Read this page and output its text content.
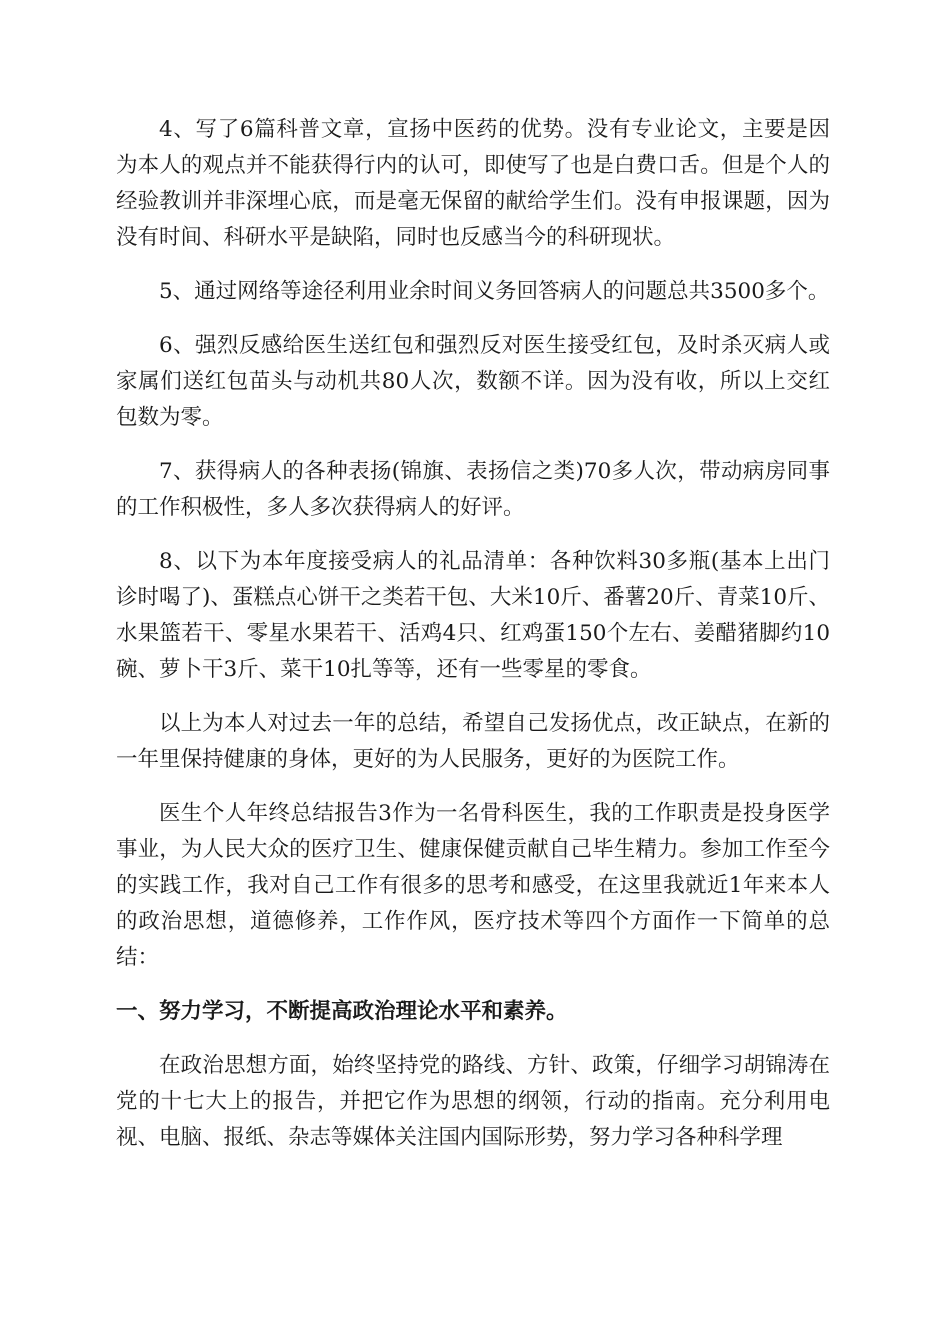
4、写了6篇科普文章，宣扬中医药的优势。没有专业论文，主要是因为本人的观点并不能获得行内的认可，即使写了也是白费口舌。但是个人的经验教训并非深埋心底，而是毫无保留的献给学生们。没有申报课题，因为没有时间、科研水平是缺陷，同时也反感当今的科研现状。

5、通过网络等途径利用业余时间义务回答病人的问题总共3500多个。

6、强烈反感给医生送红包和强烈反对医生接受红包，及时杀灭病人或家属们送红包苗头与动机共80人次，数额不详。因为没有收，所以上交红包数为零。

7、获得病人的各种表扬(锦旗、表扬信之类)70多人次，带动病房同事的工作积极性，多人多次获得病人的好评。

8、以下为本年度接受病人的礼品清单：各种饮料30多瓶(基本上出门诊时喝了)、蛋糕点心饼干之类若干包、大米10斤、番薯20斤、青菜10斤、水果篮若干、零星水果若干、活鸡4只、红鸡蛋150个左右、姜醋猪脚约10碗、萝卜干3斤、菜干10扎等等，还有一些零星的零食。

以上为本人对过去一年的总结，希望自己发扬优点，改正缺点，在新的一年里保持健康的身体，更好的为人民服务，更好的为医院工作。

医生个人年终总结报告3作为一名骨科医生，我的工作职责是投身医学事业，为人民大众的医疗卫生、健康保健贡献自己毕生精力。参加工作至今的实践工作，我对自己工作有很多的思考和感受，在这里我就近1年来本人的政治思想，道德修养，工作作风，医疗技术等四个方面作一下简单的总结：

一、努力学习，不断提高政治理论水平和素养。

在政治思想方面，始终坚持党的路线、方针、政策，仔细学习胡锦涛在党的十七大上的报告，并把它作为思想的纲领，行动的指南。充分利用电视、电脑、报纸、杂志等媒体关注国内国际形势，努力学习各种科学理
